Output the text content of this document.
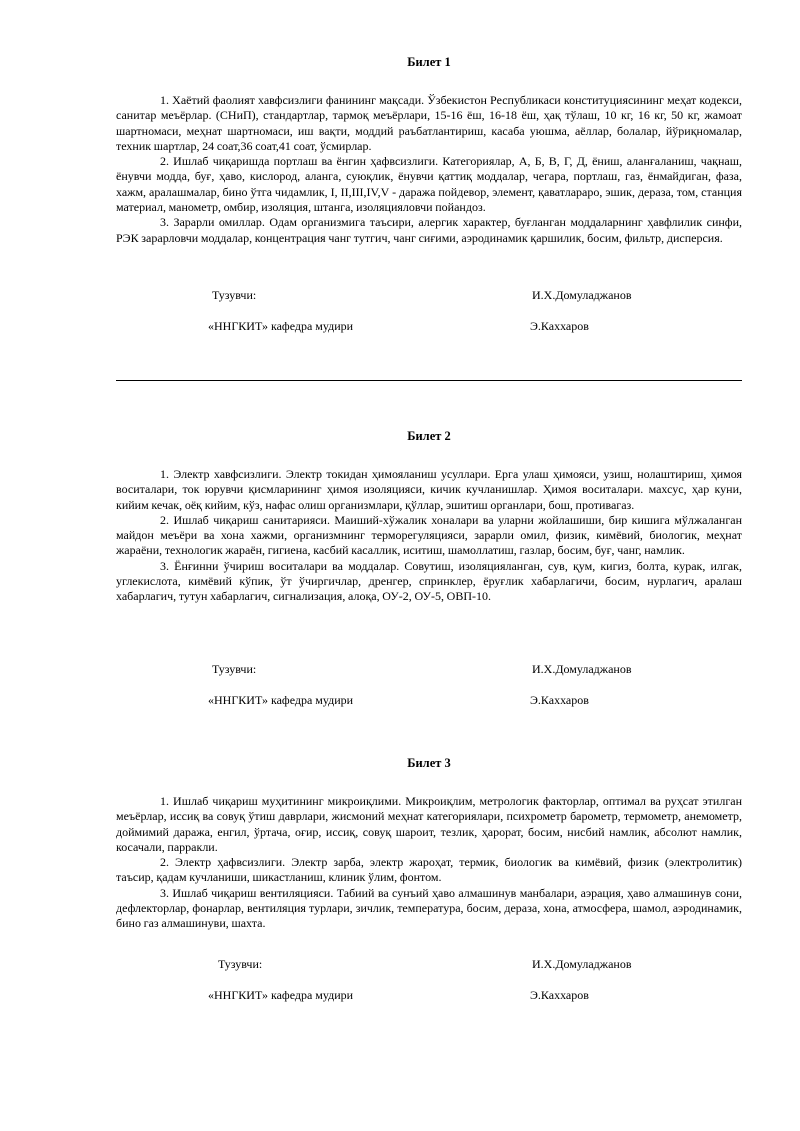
Билет 1

1. Хаётий фаолият хавфсизлиги фанининг мақсади. Ўзбекистон Республикаси конституциясининг меҳат кодекси, санитар меъёрлар. (СНиП), стандартлар, тармоқ меъёрлари, 15-16 ёш, 16-18 ёш, ҳақ тўлаш, 10 кг, 16 кг, 50 кг, жамоат шартномаси, меҳнат шартномаси, иш вақти, моддий раъбатлантириш, касаба уюшма, аёллар, болалар, йўриқномалар, техник шартлар, 24 соат,36 соат,41 соат, ўсмирлар.

2. Ишлаб чиқаришда портлаш ва ёнгин ҳафвсизлиги. Категориялар, А, Б, В, Г, Д, ёниш, аланғаланиш, чақнаш, ёнувчи модда, буғ, ҳаво, кислород, аланга, суюқлик, ёнувчи қаттиқ моддалар, чегара, портлаш, газ, ёнмайдиган, фаза, хажм, аралашмалар, бино ўтга чидамлик, I, II,III,IV,V - даража пойдевор, элемент, қаватлараро, эшик, дераза, том, станция материал, манометр, омбир, изоляция, штанга, изоляцияловчи пойандоз.

3. Зарарли омиллар. Одам организмига таъсири, алергик характер, буғланган моддаларнинг ҳавфлилик синфи, РЭК зарарловчи моддалар, концентрация чанг тутгич, чанг сиғими, аэродинамик қаршилик, босим, фильтр, дисперсия.

Тузувчи:	И.Х.Домуладжанов
«ННГКИТ» кафедра мудири	Э.Каххаров
Билет 2

1. Электр хавфсизлиги. Электр токидан ҳимояланиш усуллари. Ерга улаш ҳимояси, узиш, нолаштириш, ҳимоя воситалари, ток юрувчи қисмларининг ҳимоя изоляцияси, кичик кучланишлар. Ҳимоя воситалари. махсус, ҳар куни, кийим кечак, оёқ кийим, кўз, нафас олиш организмлари, қўллар, эшитиш органлари, бош, противагаз.

2. Ишлаб чиқариш санитарияси. Маиший-хўжалик хоналари ва уларни жойлашиши, бир кишига мўлжаланган майдон меъёри ва хона хажми, организмнинг терморегуляцияси, зарарли омил, физик, кимёвий, биологик, меҳнат жараёни, технологик жараён, гигиена, касбий касаллик, иситиш, шамоллатиш, газлар, босим, буғ, чанг, намлик.

3. Ёнғинни ўчириш воситалари ва моддалар. Совутиш, изоляцияланган, сув, қум, кигиз, болта, курак, илгак, углекислота, кимёвий кўпик, ўт ўчиргичлар, дренгер, спринклер, ёруғлик хабарлагичи, босим, нурлагич, аралаш хабарлагич, тутун хабарлагич, сигнализация, алоқа, ОУ-2, ОУ-5, ОВП-10.

Тузувчи:	И.Х.Домуладжанов
«ННГКИТ» кафедра мудири	Э.Каххаров
Билет 3

1. Ишлаб чиқариш муҳитининг микроиқлими. Микроиқлим, метрологик факторлар, оптимал ва руҳсат этилган меъёрлар, иссиқ ва совуқ ўтиш даврлари, жисмоний меҳнат категориялари, психрометр барометр, термометр, анемометр, доймимий даража, енгил, ўртача, оғир, иссиқ, совуқ шароит, тезлик, ҳарорат, босим, нисбий намлик, абсолют намлик, косачали, парракли.

2. Электр ҳафвсизлиги. Электр зарба, электр жароҳат, термик, биологик ва кимёвий, физик (электролитик) таъсир, қадам кучланиши, шикастланиш, клиник ўлим, фонтом.

3. Ишлаб чиқариш вентиляцияси. Табиий ва сунъий ҳаво алмашинув манбалари, аэрация, ҳаво алмашинув сони, дефлекторлар, фонарлар, вентиляция турлари, зичлик, температура, босим, дераза, хона, атмосфера, шамол, аэродинамик, бино газ алмашинуви, шахта.

Тузувчи:	И.Х.Домуладжанов
«ННГКИТ» кафедра мудири	Э.Каххаров
